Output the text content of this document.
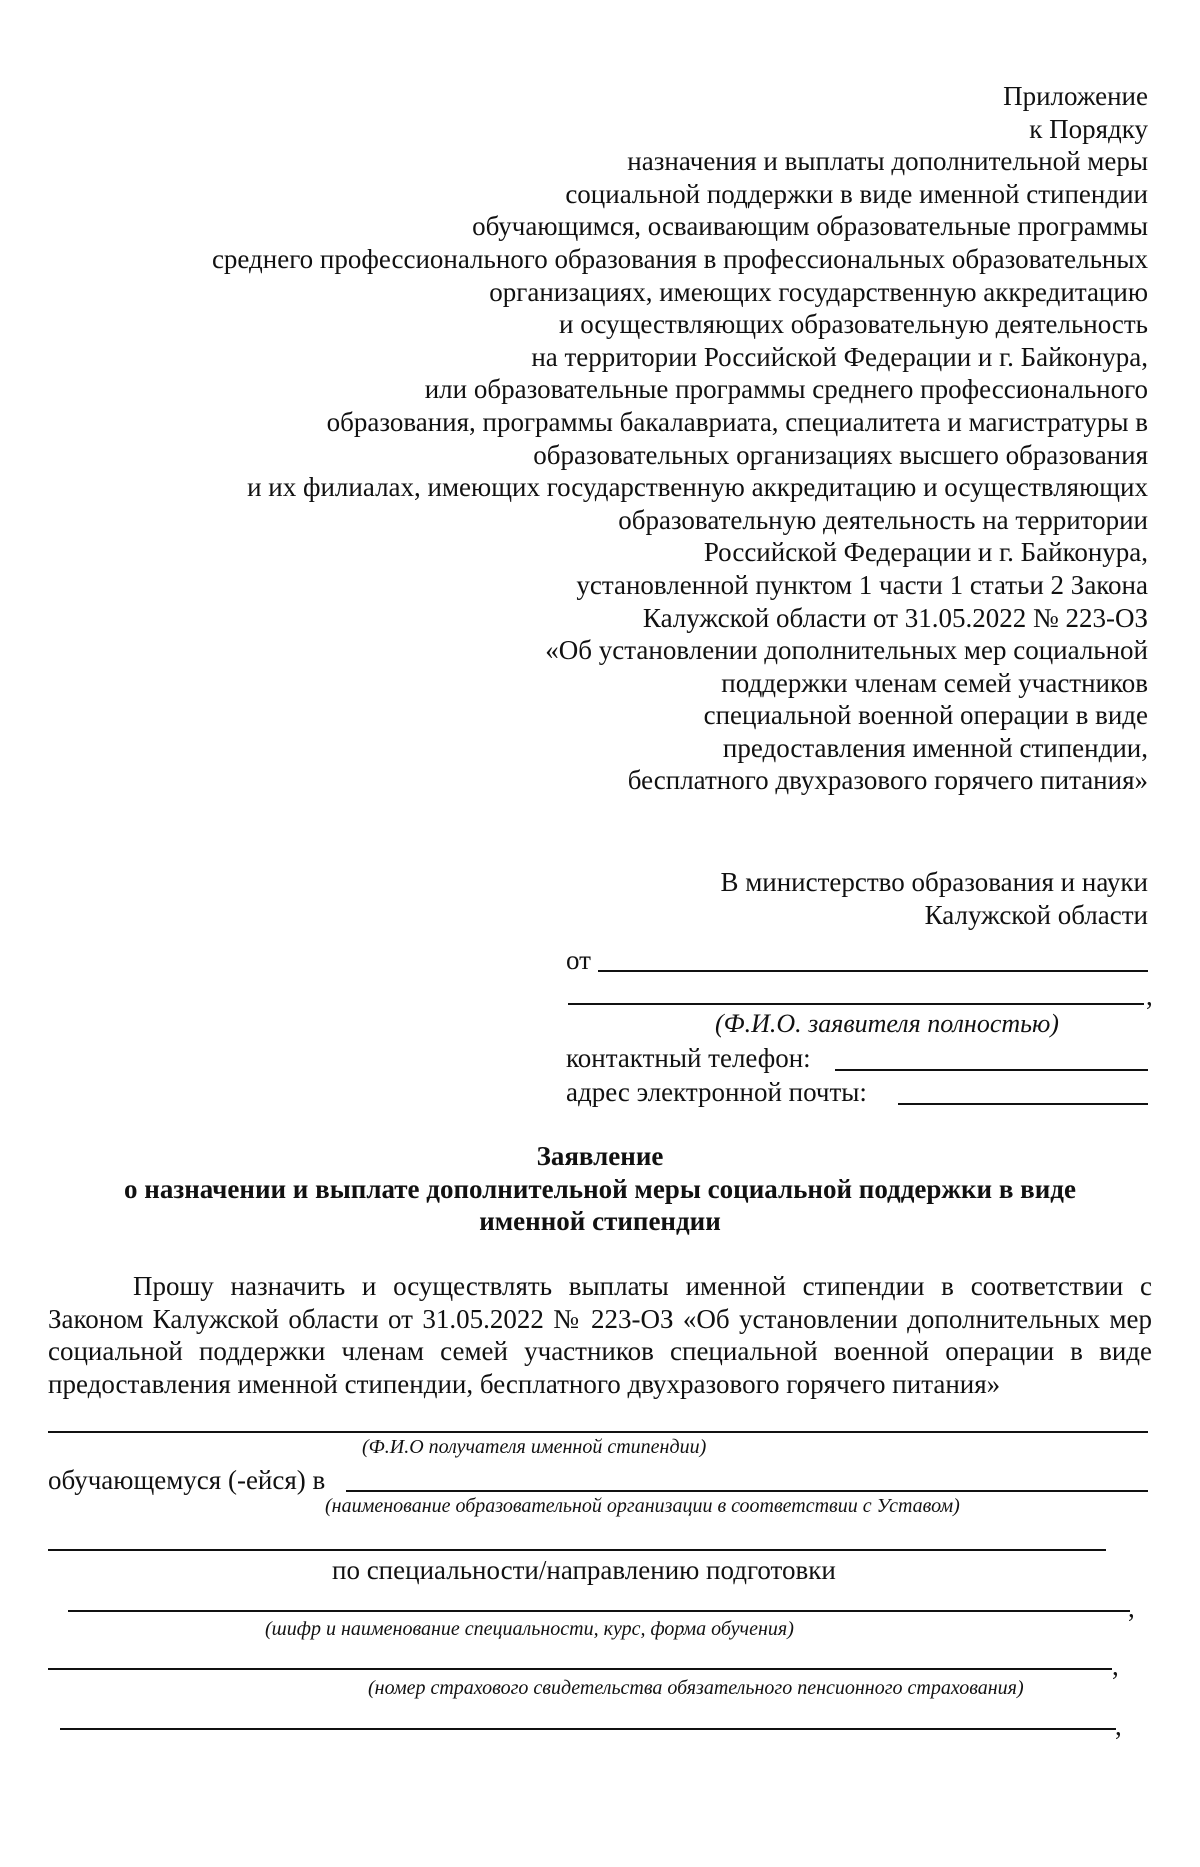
Приложение
к Порядку
назначения и выплаты дополнительной меры
социальной поддержки в виде именной стипендии
обучающимся, осваивающим образовательные программы
среднего профессионального образования в профессиональных образовательных
организациях, имеющих государственную аккредитацию
и осуществляющих образовательную деятельность
на территории Российской Федерации и г. Байконура,
или образовательные программы среднего профессионального
образования, программы бакалавриата, специалитета и магистратуры в
образовательных организациях высшего образования
и их филиалах, имеющих государственную аккредитацию и осуществляющих
образовательную деятельность на территории
Российской Федерации и г. Байконура,
установленной пунктом 1 части 1 статьи 2 Закона
Калужской области от 31.05.2022 № 223-ОЗ
«Об установлении дополнительных мер социальной
поддержки членам семей участников
специальной военной операции в виде
предоставления именной стипендии,
бесплатного двухразового горячего питания»
В министерство образования и науки
Калужской области
от
,
(Ф.И.О. заявителя полностью)
контактный телефон:
адрес электронной почты:
Заявление
о назначении и выплате дополнительной меры социальной поддержки в виде
именной стипендии
Прошу назначить и осуществлять выплаты именной стипендии в соответствии с Законом Калужской области от 31.05.2022 № 223-ОЗ «Об установлении дополнительных мер социальной поддержки членам семей участников специальной военной операции в виде предоставления именной стипендии, бесплатного двухразового горячего питания»
(Ф.И.О получателя именной стипендии)
обучающемуся (-ейся) в
(наименование образовательной организации в соответствии с Уставом)
по специальности/направлению подготовки
,
(шифр и наименование специальности, курс, форма обучения)
,
(номер страхового свидетельства обязательного пенсионного страхования)
,
